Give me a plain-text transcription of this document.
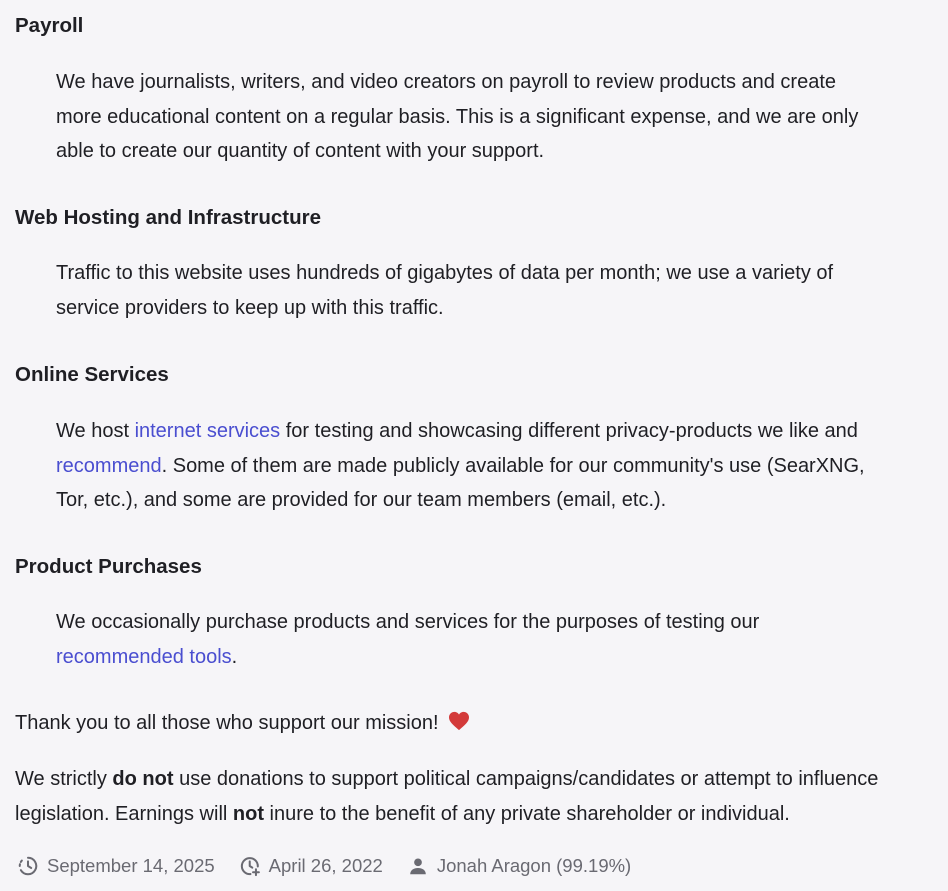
Payroll
We have journalists, writers, and video creators on payroll to review products and create
more educational content on a regular basis. This is a significant expense, and we are only
able to create our quantity of content with your support.
Web Hosting and Infrastructure
Traffic to this website uses hundreds of gigabytes of data per month; we use a variety of
service providers to keep up with this traffic.
Online Services
We host internet services for testing and showcasing different privacy-products we like and
recommend. Some of them are made publicly available for our community's use (SearXNG,
Tor, etc.), and some are provided for our team members (email, etc.).
Product Purchases
We occasionally purchase products and services for the purposes of testing our
recommended tools.

Thank you to all those who support our mission!

We strictly do not use donations to support political campaigns/candidates or attempt to influence
legislation. Earnings will not inure to the benefit of any private shareholder or individual.

September 14, 2025	April 26, 2022	Jonah Aragon (99.19%)
